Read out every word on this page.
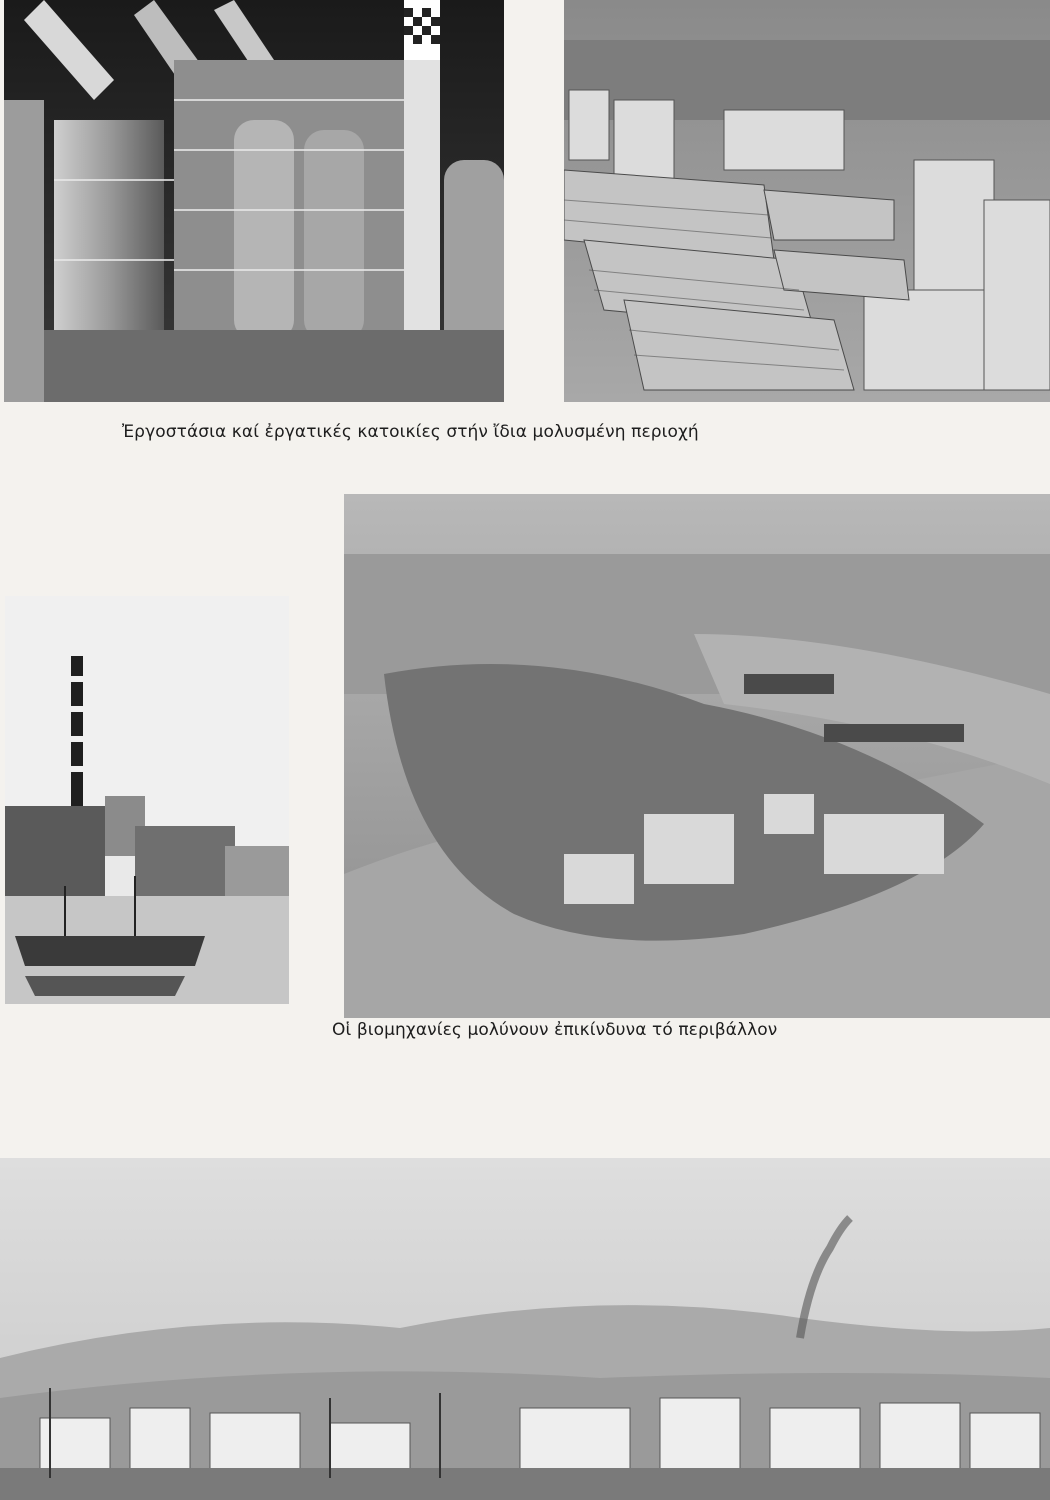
Ἐργοστάσια καί ἐργατικές κατοικίες στήν ἴδια μολυσμένη περιοχή
Οἱ βιομηχανίες μολύνουν ἐπικίνδυνα τό περιβάλλον
